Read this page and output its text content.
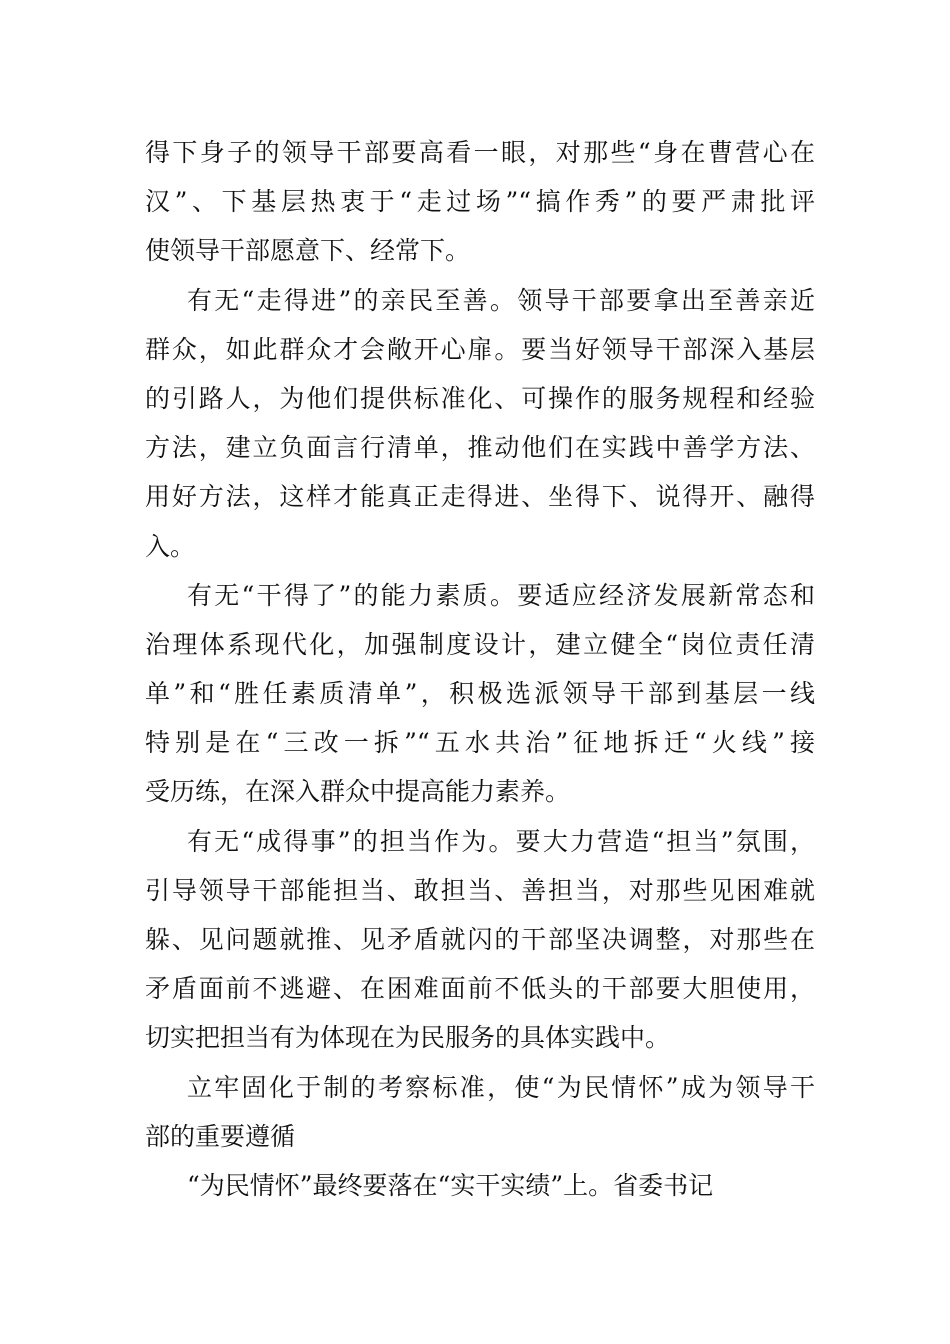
得下身子的领导干部要高看一眼，对那些“身在曹营心在
汉”、下基层热衷于“走过场”“搞作秀”的要严肃批评
使领导干部愿意下、经常下。
有无“走得进”的亲民至善。领导干部要拿出至善亲近
群众，如此群众才会敞开心扉。要当好领导干部深入基层
的引路人，为他们提供标准化、可操作的服务规程和经验
方法，建立负面言行清单，推动他们在实践中善学方法、
用好方法，这样才能真正走得进、坐得下、说得开、融得
入。
有无“干得了”的能力素质。要适应经济发展新常态和
治理体系现代化，加强制度设计，建立健全“岗位责任清
单”和“胜任素质清单”，积极选派领导干部到基层一线
特别是在“三改一拆”“五水共治”征地拆迁“火线”接
受历练，在深入群众中提高能力素养。
有无“成得事”的担当作为。要大力营造“担当”氛围，
引导领导干部能担当、敢担当、善担当，对那些见困难就
躲、见问题就推、见矛盾就闪的干部坚决调整，对那些在
矛盾面前不逃避、在困难面前不低头的干部要大胆使用，
切实把担当有为体现在为民服务的具体实践中。
立牢固化于制的考察标准，使“为民情怀”成为领导干
部的重要遵循
“为民情怀”最终要落在“实干实绩”上。省委书记
